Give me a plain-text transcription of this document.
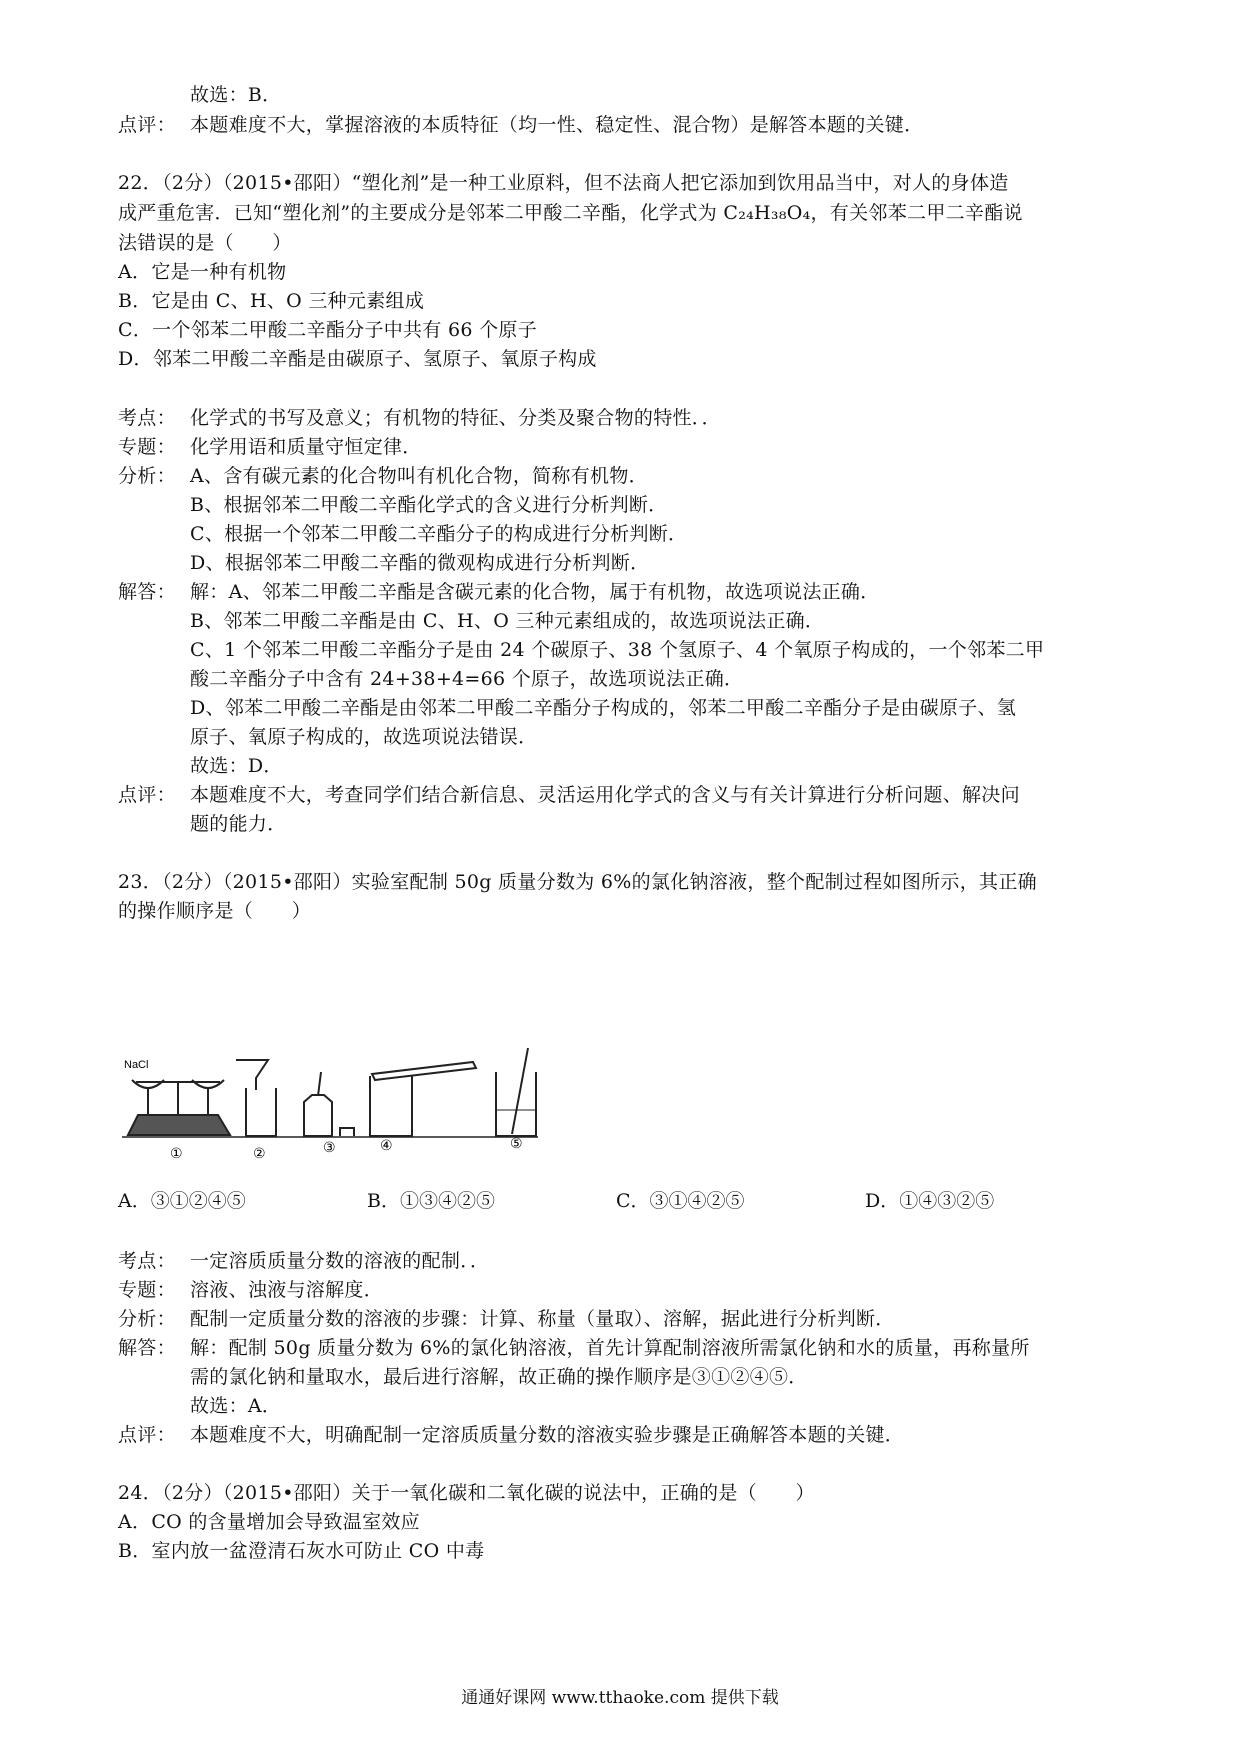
故选：B．
点评： 本题难度不大，掌握溶液的本质特征（均一性、稳定性、混合物）是解答本题的关键．
22．（2分）（2015•邵阳）“塑化剂”是一种工业原料，但不法商人把它添加到饮用品当中，对人的身体造
成严重危害．已知“塑化剂”的主要成分是邻苯二甲酸二辛酯，化学式为 C₂₄H₃₈O₄，有关邻苯二甲二辛酯说
法错误的是（　　）
A．它是一种有机物
B．它是由 C、H、O 三种元素组成
C．一个邻苯二甲酸二辛酯分子中共有 66 个原子
D．邻苯二甲酸二辛酯是由碳原子、氢原子、氧原子构成
考点： 化学式的书写及意义；有机物的特征、分类及聚合物的特性．．
专题： 化学用语和质量守恒定律．
分析： A、含有碳元素的化合物叫有机化合物，简称有机物．
B、根据邻苯二甲酸二辛酯化学式的含义进行分析判断．
C、根据一个邻苯二甲酸二辛酯分子的构成进行分析判断．
D、根据邻苯二甲酸二辛酯的微观构成进行分析判断．
解答： 解：A、邻苯二甲酸二辛酯是含碳元素的化合物，属于有机物，故选项说法正确．
B、邻苯二甲酸二辛酯是由 C、H、O 三种元素组成的，故选项说法正确．
C、1 个邻苯二甲酸二辛酯分子是由 24 个碳原子、38 个氢原子、4 个氧原子构成的，一个邻苯二甲
酸二辛酯分子中含有 24+38+4=66 个原子，故选项说法正确．
D、邻苯二甲酸二辛酯是由邻苯二甲酸二辛酯分子构成的，邻苯二甲酸二辛酯分子是由碳原子、氢
原子、氧原子构成的，故选项说法错误．
故选：D．
点评： 本题难度不大，考查同学们结合新信息、灵活运用化学式的含义与有关计算进行分析问题、解决问
题的能力．
23．（2分）（2015•邵阳）实验室配制 50g 质量分数为 6%的氯化钠溶液，整个配制过程如图所示，其正确
的操作顺序是（　　）
NaCl
①	②	③	④	⑤
A．③①②④⑤	B．①③④②⑤	C．③①④②⑤	D．①④③②⑤
考点： 一定溶质质量分数的溶液的配制．．
专题： 溶液、浊液与溶解度．
分析： 配制一定质量分数的溶液的步骤：计算、称量（量取）、溶解，据此进行分析判断．
解答： 解：配制 50g 质量分数为 6%的氯化钠溶液，首先计算配制溶液所需氯化钠和水的质量，再称量所
需的氯化钠和量取水，最后进行溶解，故正确的操作顺序是③①②④⑤．
故选：A．
点评： 本题难度不大，明确配制一定溶质质量分数的溶液实验步骤是正确解答本题的关键．
24．（2分）（2015•邵阳）关于一氧化碳和二氧化碳的说法中，正确的是（　　）
A．CO 的含量增加会导致温室效应
B．室内放一盆澄清石灰水可防止 CO 中毒
通通好课网 www.tthaoke.com 提供下载
